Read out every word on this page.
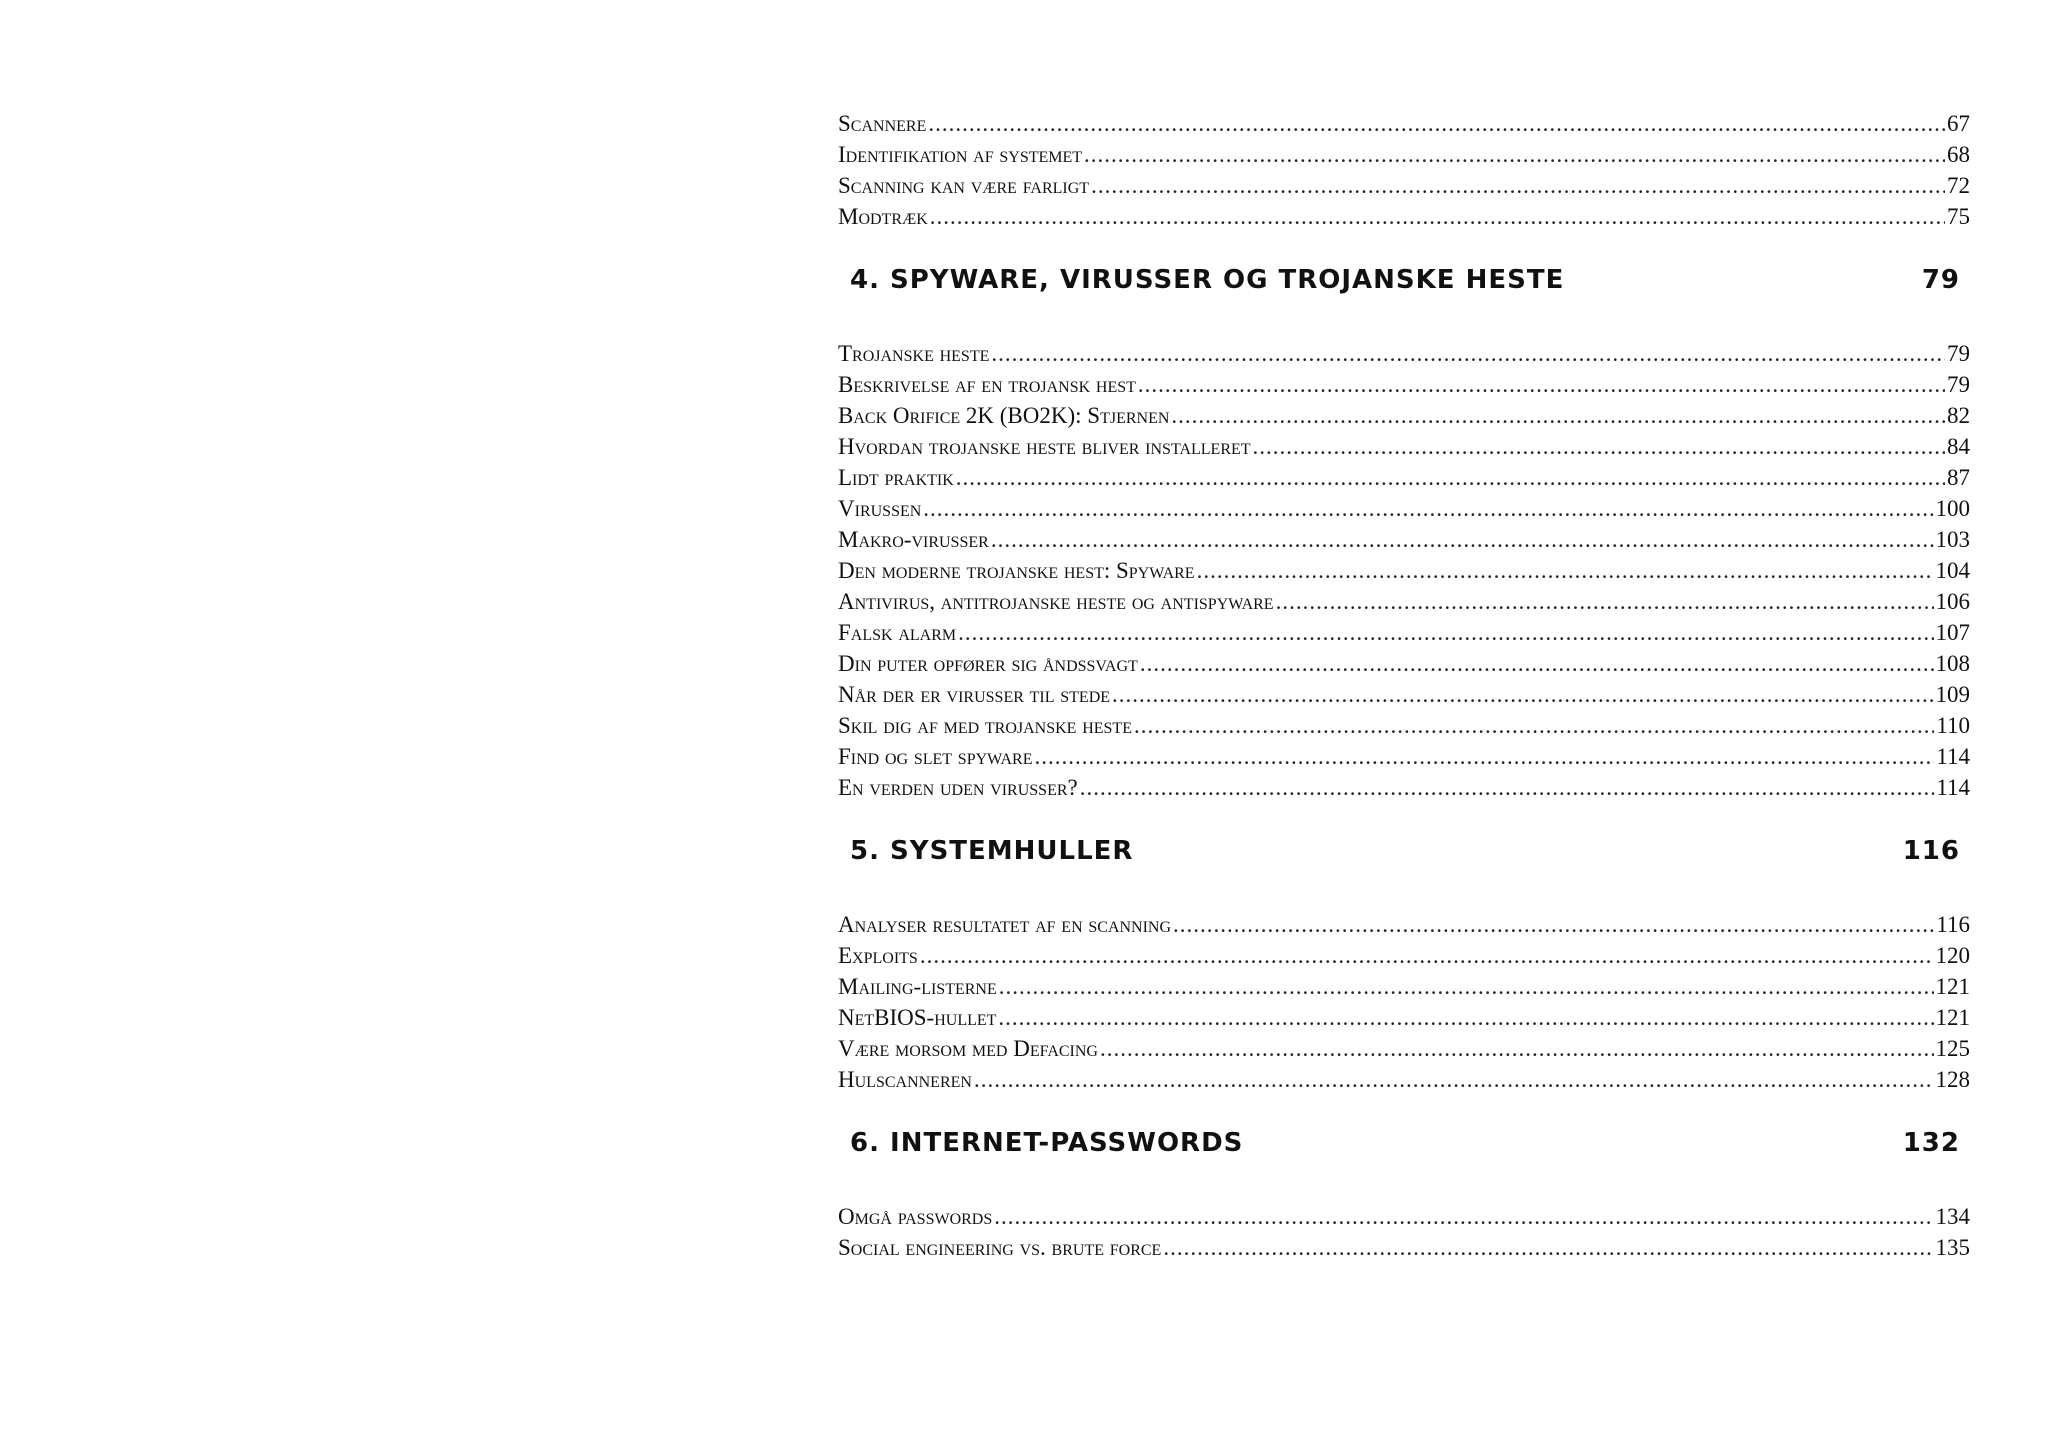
Scannere .....	67
Identifikation af systemet .....	68
Scanning kan være farligt .....	72
Modtræk .....	75
4. SPYWARE, VIRUSSER OG TROJANSKE HESTE	79
Trojanske heste .....	79
Beskrivelse af en trojansk hest .....	79
Back Orifice 2K (BO2K): Stjernen .....	82
Hvordan trojanske heste bliver installeret .....	84
Lidt praktik .....	87
Virussen .....	100
Makro-virusser .....	103
Den moderne trojanske hest: Spyware .....	104
Antivirus, antitrojanske heste og antispyware .....	106
Falsk alarm .....	107
Din puter opfører sig åndssvagt .....	108
Når der er virusser til stede .....	109
Skil dig af med trojanske heste .....	110
Find og slet spyware .....	114
En verden uden virusser? .....	114
5. SYSTEMHULLER	116
Analyser resultatet af en scanning .....	116
Exploits .....	120
Mailing-listerne .....	121
NetBIOS-hullet .....	121
Være morsom med Defacing .....	125
Hulscanneren .....	128
6. INTERNET-PASSWORDS	132
Omgå passwords .....	134
Social engineering vs. brute force .....	135
